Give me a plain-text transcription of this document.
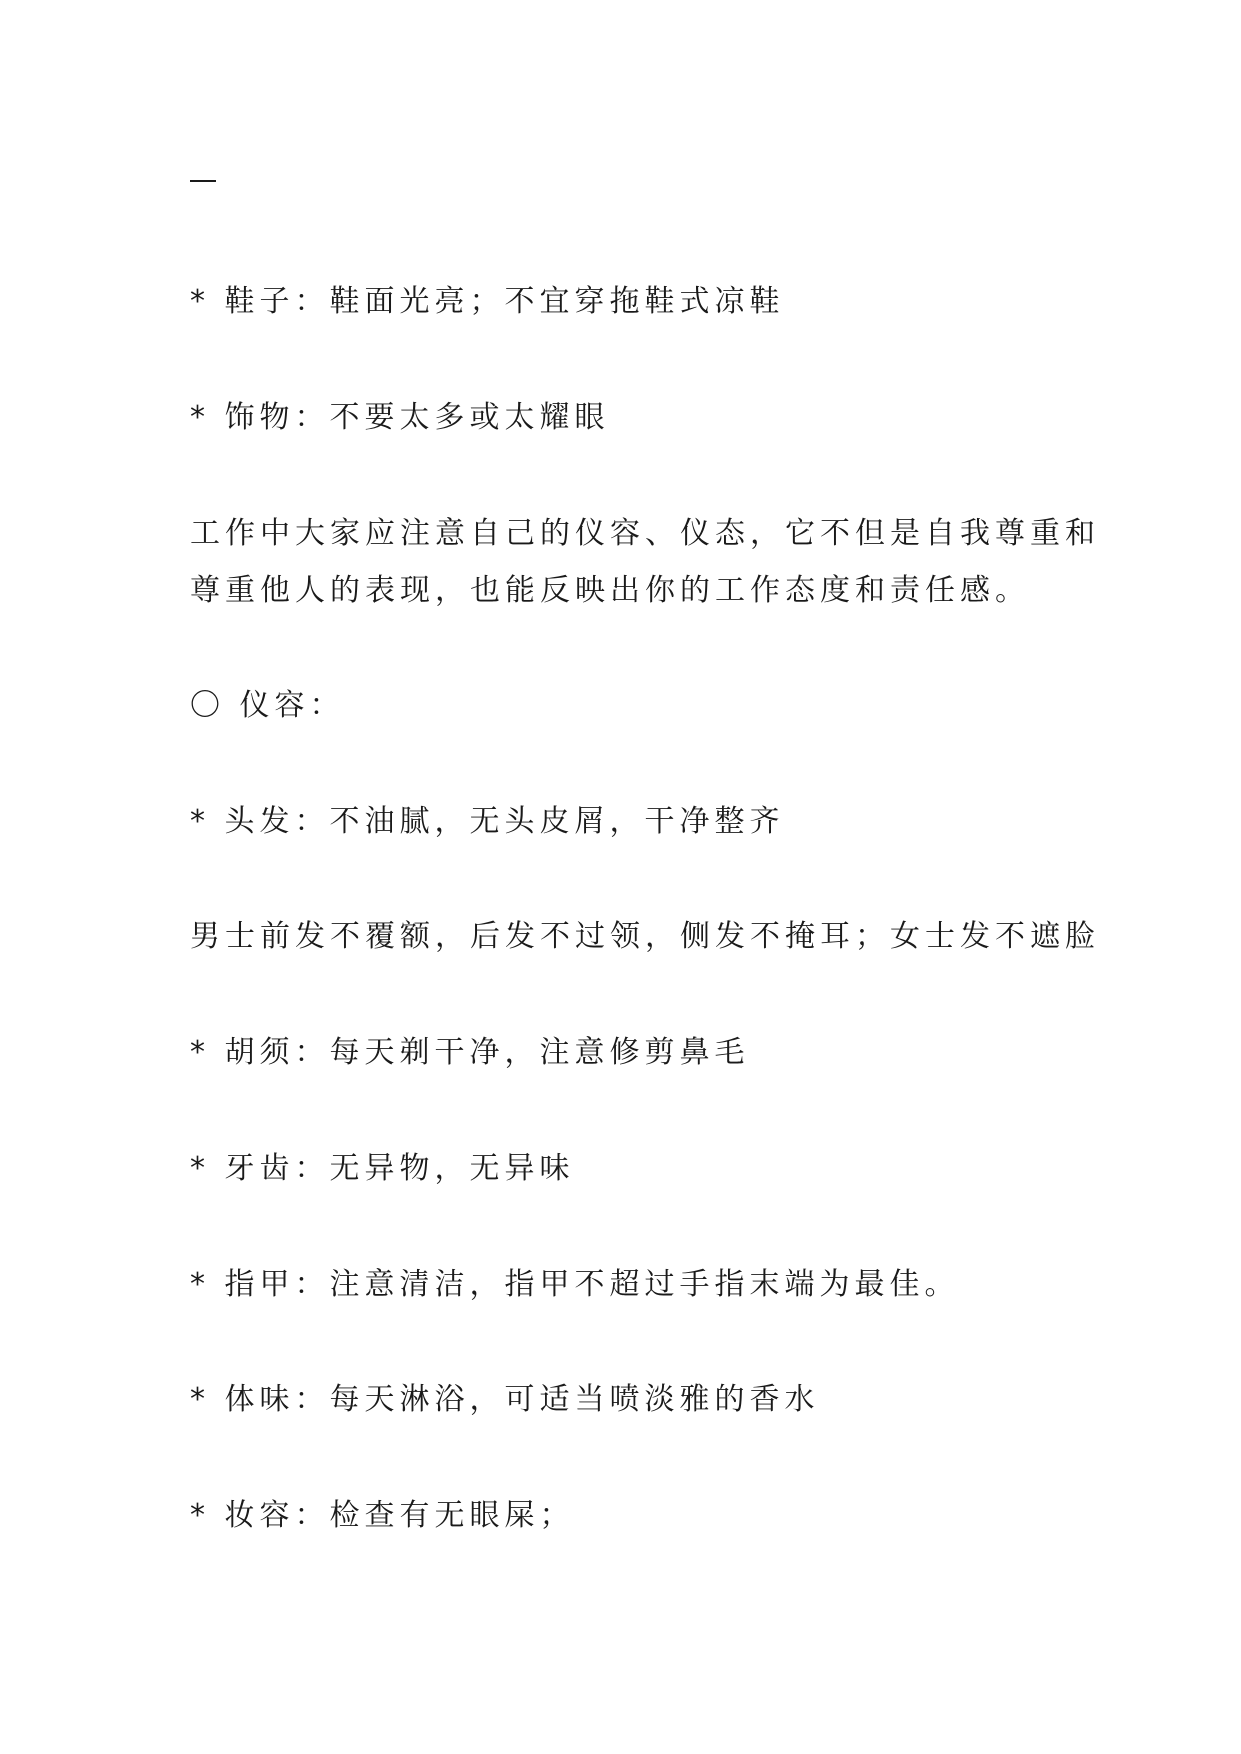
* 鞋子：鞋面光亮；不宜穿拖鞋式凉鞋
* 饰物：不要太多或太耀眼
工作中大家应注意自己的仪容、仪态，它不但是自我尊重和
尊重他人的表现，也能反映出你的工作态度和责任感。
〇 仪容：
* 头发：不油腻，无头皮屑，干净整齐
男士前发不覆额，后发不过领，侧发不掩耳；女士发不遮脸
* 胡须：每天剃干净，注意修剪鼻毛
* 牙齿：无异物，无异味
* 指甲：注意清洁，指甲不超过手指末端为最佳。
* 体味：每天淋浴，可适当喷淡雅的香水
* 妆容：检查有无眼屎；
